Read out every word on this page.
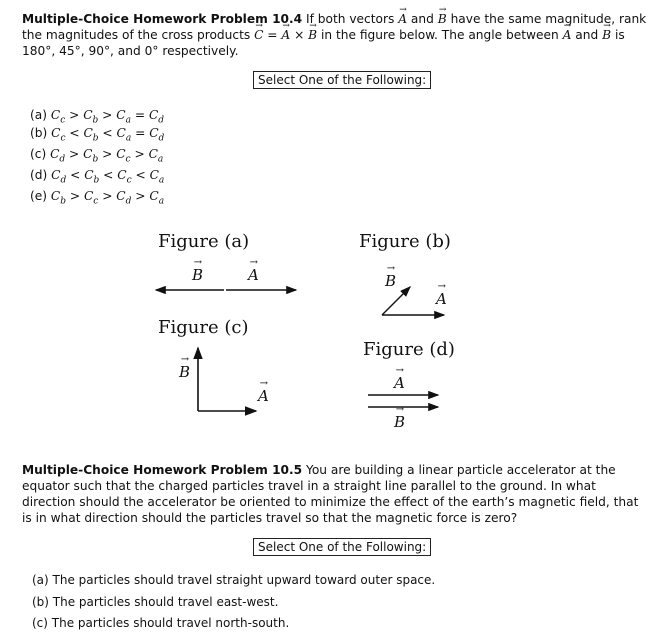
Multiple-Choice Homework Problem 10.4 If both vectors → A and → B have the same magnitude, rank the magnitudes of the cross products → C = → A × → B in the figure below. The angle between → A and → B is 180°, 45°, 90°, and 0° respectively.
Select One of the Following:
(a) $C_c > C_b > C_a = C_d$
(b) $C_c < C_b < C_a = C_d$
(c) $C_d > C_b > C_c > C_a$
(d) $C_d < C_b < C_c < C_a$
(e) $C_b > C_c > C_d > C_a$
Figure (a)
→ B
→	A
Figure (b)
→ B
→ A
Figure (c)
→ B
→ A
Figure (d)
→ A
→ B
Multiple-Choice Homework Problem 10.5 You are building a linear particle accelerator at the equator such that the charged particles travel in a straight line parallel to the ground. In what direction should the accelerator be oriented to minimize the effect of the earth’s magnetic field, that is in what direction should the particles travel so that the magnetic force is zero?
Select One of the Following:
(a) The particles should travel straight upward toward outer space.
(b) The particles should travel east-west.
(c) The particles should travel north-south.
